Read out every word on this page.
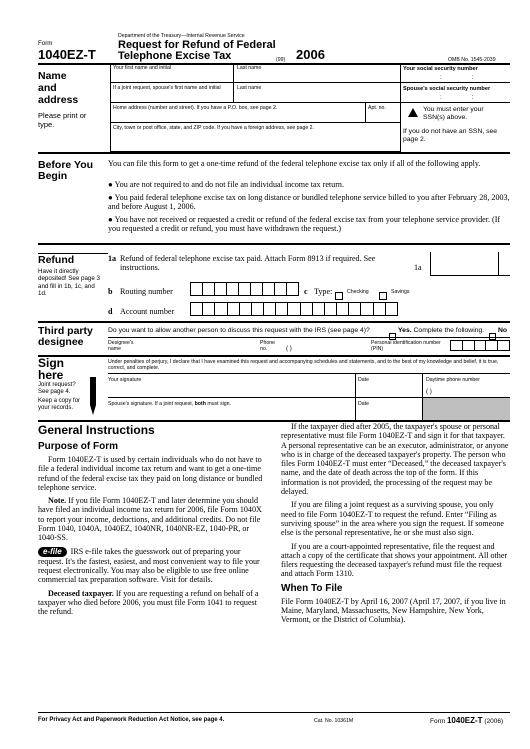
Form
1040EZ-T
Department of the Treasury—Internal Revenue Service
Request for Refund of Federal
Telephone Excise Tax	(99) 2006	OMB No. 1545-2039
Name
and
address
Please print or type.
Your first name and initial	Last name
If a joint request, spouse's first name and initial	Last name
Home address (number and street). If you have a P.O. box, see page 2.	Apt. no.
City, town or post office, state, and ZIP code. If you have a foreign address, see page 2.
Your social security number
: :
Spouse's social security number
: :
You must enter your SSN(s) above.
If you do not have an SSN, see page 2.
Before You
Begin
You can file this form to get a one-time refund of the federal telephone excise tax only if all of the following apply.
● You are not required to and do not file an individual income tax return.
● You paid federal telephone excise tax on long distance or bundled telephone service billed to you after February 28, 2003, and before August 1, 2006.
● You have not received or requested a credit or refund of the federal excise tax from your telephone service provider. (If you requested a credit or refund, you must have withdrawn the request.)
Refund
Have it directly deposited! See page 3 and fill in 1b, 1c, and 1d.
1a Refund of federal telephone excise tax paid. Attach Form 8913 if required. See instructions.	1a
b Routing number	c Type:	Checking	Savings
d Account number
Third party
designee
Do you want to allow another person to discuss this request with the IRS (see page 4)?	Yes. Complete the following. No
Designee's name
Phone no.	( )
Personal identification number (PIN)
Sign
here
Joint request? See page 4.
Keep a copy for your records.
Under penalties of perjury, I declare that I have examined this request and accompanying schedules and statements, and to the best of my knowledge and belief, it is true, correct, and complete.
Your signature	Date	Daytime phone number
( )
Spouse's signature. If a joint request, both must sign.	Date
General Instructions
Purpose of Form

Form 1040EZ-T is used by certain individuals who do not have to file a federal individual income tax return and want to get a one-time refund of the federal excise tax they paid on long distance or bundled telephone service.

Note. If you file Form 1040EZ-T and later determine you should have filed an individual income tax return for 2006, file Form 1040X to report your income, deductions, and additional credits. Do not file Form 1040, 1040A, 1040EZ, 1040NR, 1040NR-EZ, 1040-PR, or 1040-SS.

e-file IRS e-file takes the guesswork out of preparing your request. It's the fastest, easiest, and most convenient way to file your request electronically. You may also be eligible to use free online commercial tax preparation software. Visit for details.

Deceased taxpayer. If you are requesting a refund on behalf of a taxpayer who died before 2006, you must file Form 1041 to request the refund.

If the taxpayer died after 2005, the taxpayer's spouse or personal representative must file Form 1040EZ-T and sign it for that taxpayer. A personal representative can be an executor, administrator, or anyone who is in charge of the deceased taxpayer's property. The person who files Form 1040EZ-T must enter “Deceased,” the deceased taxpayer's name, and the date of death across the top of the form. If this information is not provided, the processing of the request may be delayed.

If you are filing a joint request as a surviving spouse, you only need to file Form 1040EZ-T to request the refund. Enter “Filing as surviving spouse” in the area where you sign the request. If someone else is the personal representative, he or she must also sign.

If you are a court-appointed representative, file the request and attach a copy of the certificate that shows your appointment. All other filers requesting the deceased taxpayer's refund must file the request and attach Form 1310.

When To File

File Form 1040EZ-T by April 16, 2007 (April 17, 2007, if you live in Maine, Maryland, Massachusetts, New Hampshire, New York, Vermont, or the District of Columbia).

For Privacy Act and Paperwork Reduction Act Notice, see page 4.	Cat. No. 10361M	Form 1040EZ-T (2006)
